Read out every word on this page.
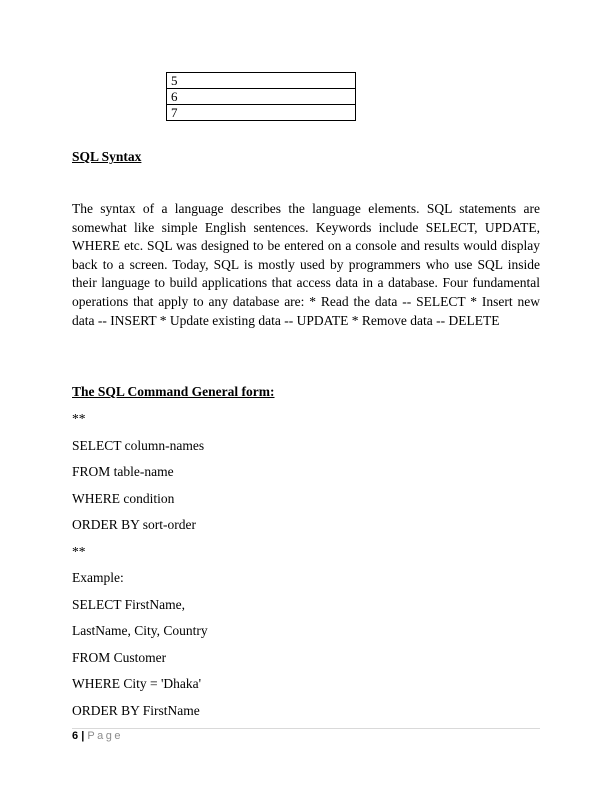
5
6
7
SQL Syntax

The syntax of a language describes the language elements. SQL statements are somewhat like simple English sentences. Keywords include SELECT, UPDATE, WHERE etc. SQL was designed to be entered on a console and results would display back to a screen. Today, SQL is mostly used by programmers who use SQL inside their language to build applications that access data in a database. Four fundamental operations that apply to any database are: * Read the data -- SELECT * Insert new data -- INSERT * Update existing data -- UPDATE * Remove data -- DELETE

The SQL Command General form:
**
SELECT column-names
FROM table-name
WHERE condition
ORDER BY sort-order
**
Example:
SELECT FirstName,
LastName, City, Country
FROM Customer
WHERE City = 'Dhaka'
ORDER BY FirstName
6 | Page
